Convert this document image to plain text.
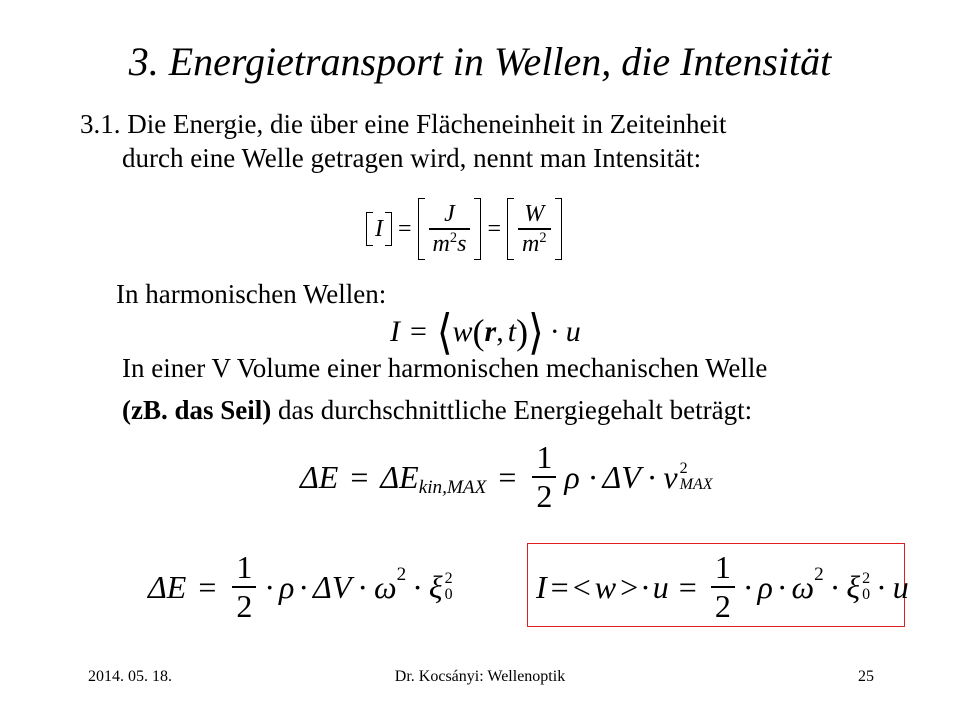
3. Energietransport in Wellen, die Intensität
3.1. Die Energie, die über eine Flächeneinheit in Zeiteinheit
durch eine Welle getragen wird, nennt man Intensität:
$I = \frac{J}{m^2s} = \frac{W}{m^2}$
In harmonischen Wellen:
I = ⟨ w ( r , t ) ⟩ · u
In einer V Volume einer harmonischen mechanischen Welle
(zB. das Seil) das durchschnittliche Energiegehalt beträgt:
$\Delta E = \Delta E_{kin,MAX} = \frac{1}{2}$ ρ · ΔV · v 2
MAX
$\Delta E = \frac{1}{2} \cdot \rho \cdot \Delta V \cdot \omega^2 \cdot \xi$ 2
0	I = < w > · $u = \frac{1}{2} \cdot \rho \cdot \omega^2 \cdot \xi$ 2
0 · u
2014. 05. 18.	Dr. Kocsányi: Wellenoptik	25
